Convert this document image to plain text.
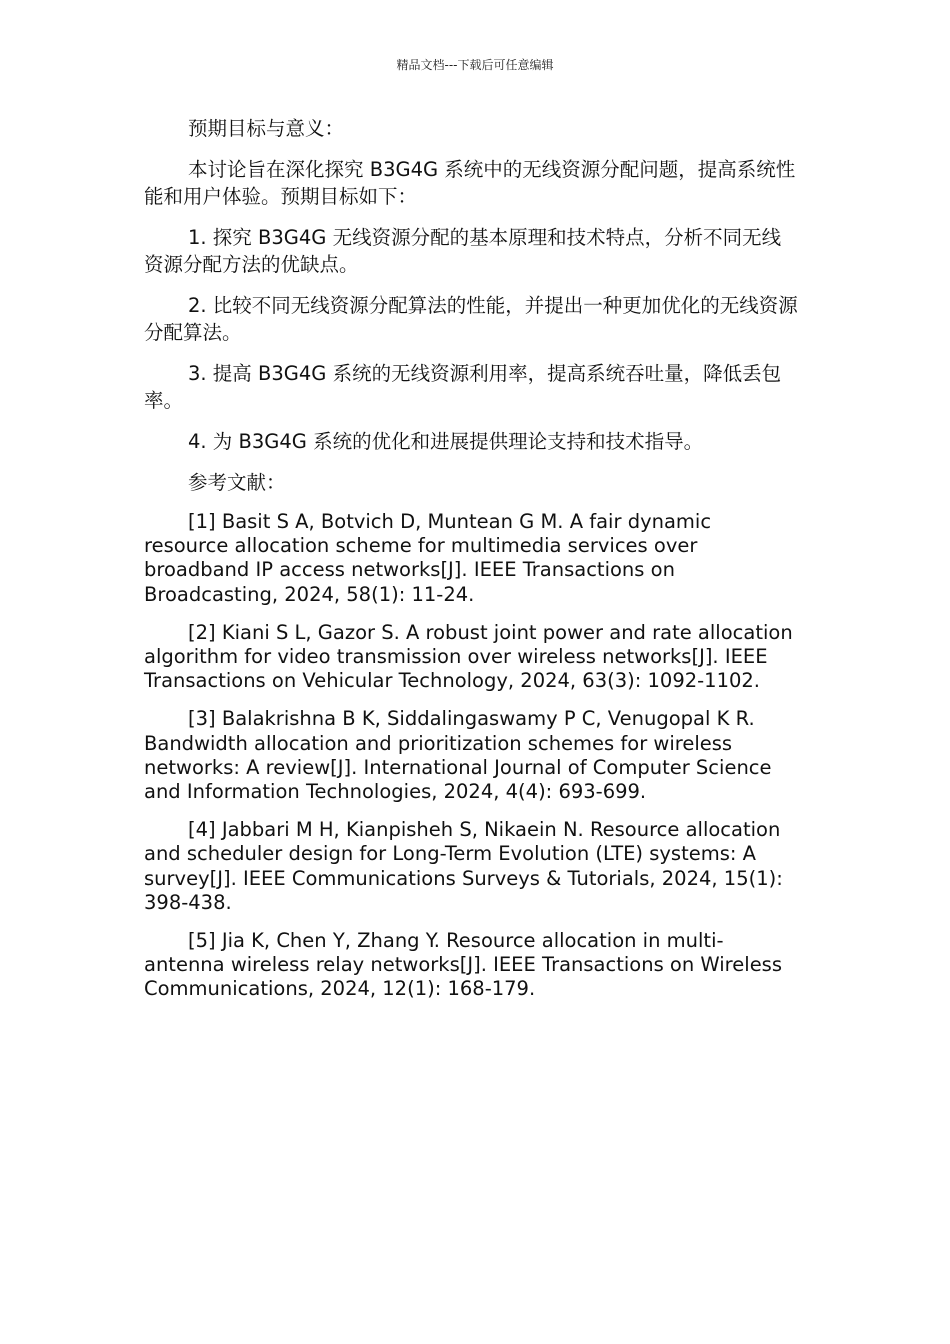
精品文档---下载后可任意编辑

预期目标与意义：

本讨论旨在深化探究 B3G4G 系统中的无线资源分配问题，提高系统性能和用户体验。预期目标如下：

1. 探究 B3G4G 无线资源分配的基本原理和技术特点，分析不同无线资源分配方法的优缺点。

2. 比较不同无线资源分配算法的性能，并提出一种更加优化的无线资源分配算法。

3. 提高 B3G4G 系统的无线资源利用率，提高系统吞吐量，降低丢包率。

4. 为 B3G4G 系统的优化和进展提供理论支持和技术指导。

参考文献：

[1] Basit S A, Botvich D, Muntean G M. A fair dynamic resource allocation scheme for multimedia services over broadband IP access networks[J]. IEEE Transactions on Broadcasting, 2024, 58(1): 11-24.

[2] Kiani S L, Gazor S. A robust joint power and rate allocation algorithm for video transmission over wireless networks[J]. IEEE Transactions on Vehicular Technology, 2024, 63(3): 1092-1102.

[3] Balakrishna B K, Siddalingaswamy P C, Venugopal K R. Bandwidth allocation and prioritization schemes for wireless networks: A review[J]. International Journal of Computer Science and Information Technologies, 2024, 4(4): 693-699.

[4] Jabbari M H, Kianpisheh S, Nikaein N. Resource allocation and scheduler design for Long-Term Evolution (LTE) systems: A survey[J]. IEEE Communications Surveys & Tutorials, 2024, 15(1): 398-438.

[5] Jia K, Chen Y, Zhang Y. Resource allocation in multi-antenna wireless relay networks[J]. IEEE Transactions on Wireless Communications, 2024, 12(1): 168-179.
